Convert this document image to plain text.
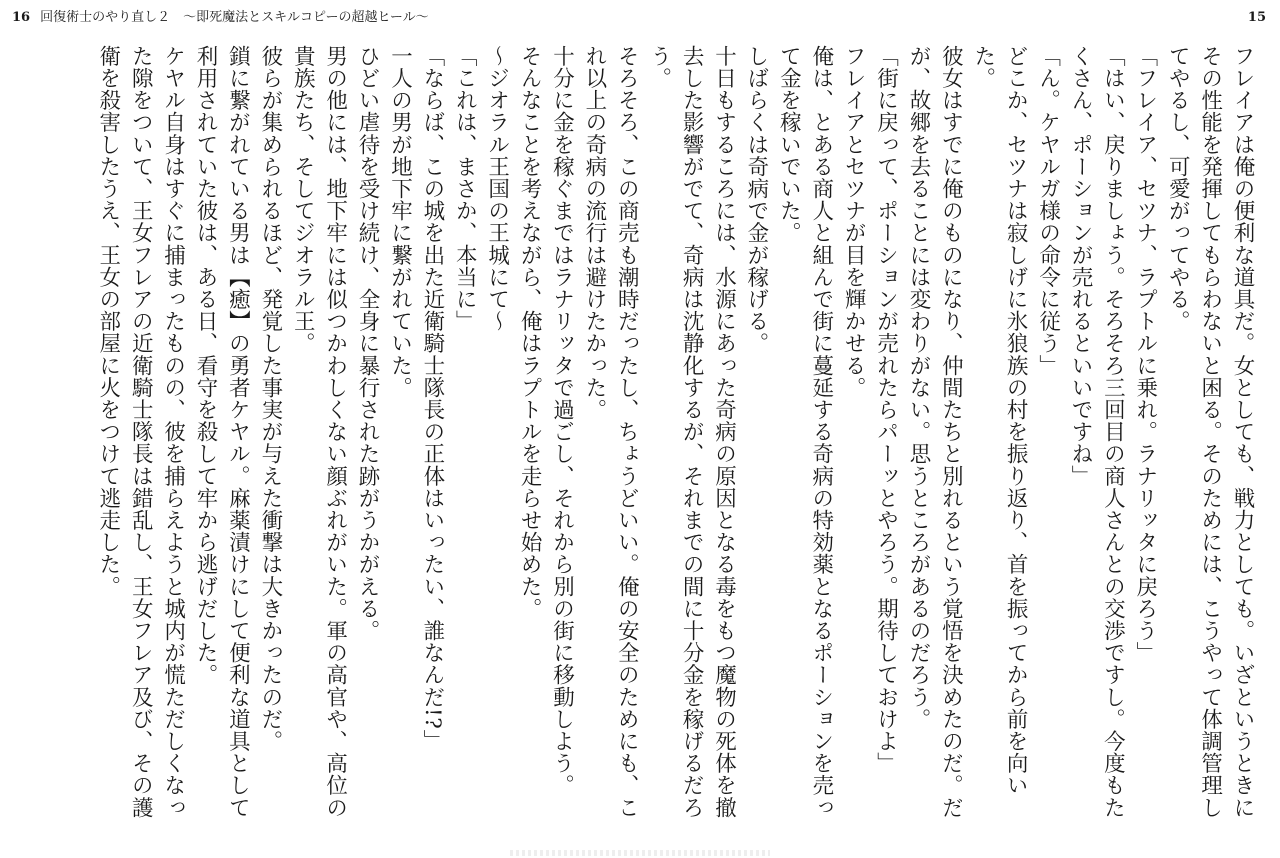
16 回復術士のやり直し２　～即死魔法とスキルコピーの超越ヒール～	15

フレイアは俺の便利な道具だ。女としても、戦力としても。いざというときにその性能を発揮してもらわないと困る。そのためには、こうやって体調管理してやるし、可愛がってやる。

「フレイア、セツナ、ラプトルに乗れ。ラナリッタに戻ろう」

「はい、戻りましょう。そろそろ三回目の商人さんとの交渉ですし。今度もたくさん、ポーションが売れるといいですね」

「ん。ケヤルガ様の命令に従う」

どこか、セツナは寂しげに氷狼族の村を振り返り、首を振ってから前を向いた。

彼女はすでに俺のものになり、仲間たちと別れるという覚悟を決めたのだ。だが、故郷を去ることには変わりがない。思うところがあるのだろう。

「街に戻って、ポーションが売れたらパーッとやろう。期待しておけよ」

フレイアとセツナが目を輝かせる。

俺は、とある商人と組んで街に蔓延する奇病の特効薬となるポーションを売って金を稼いでいた。

しばらくは奇病で金が稼げる。

十日もするころには、水源にあった奇病の原因となる毒をもつ魔物の死体を撤去した影響がでて、奇病は沈静化するが、それまでの間に十分金を稼げるだろう。

そろそろ、この商売も潮時だったし、ちょうどいい。俺の安全のためにも、これ以上の奇病の流行は避けたかった。

十分に金を稼ぐまではラナリッタで過ごし、それから別の街に移動しよう。

そんなことを考えながら、俺はラプトルを走らせ始めた。

～ジオラル王国の王城にて～

「これは、まさか、本当に」

「ならば、この城を出た近衛騎士隊長の正体はいったい、誰なんだ!?」

一人の男が地下牢に繋がれていた。

ひどい虐待を受け続け、全身に暴行された跡がうかがえる。

男の他には、地下牢には似つかわしくない顔ぶれがいた。軍の高官や、高位の貴族たち、そしてジオラル王。

彼らが集められるほど、発覚した事実が与えた衝撃は大きかったのだ。

鎖に繋がれている男は【癒】の勇者ケヤル。麻薬漬けにして便利な道具として利用されていた彼は、ある日、看守を殺して牢から逃げだした。

ケヤル自身はすぐに捕まったものの、彼を捕らえようと城内が慌ただしくなった隙をついて、王女フレアの近衛騎士隊長は錯乱し、王女フレア及び、その護衛を殺害したうえ、王女の部屋に火をつけて逃走した。
